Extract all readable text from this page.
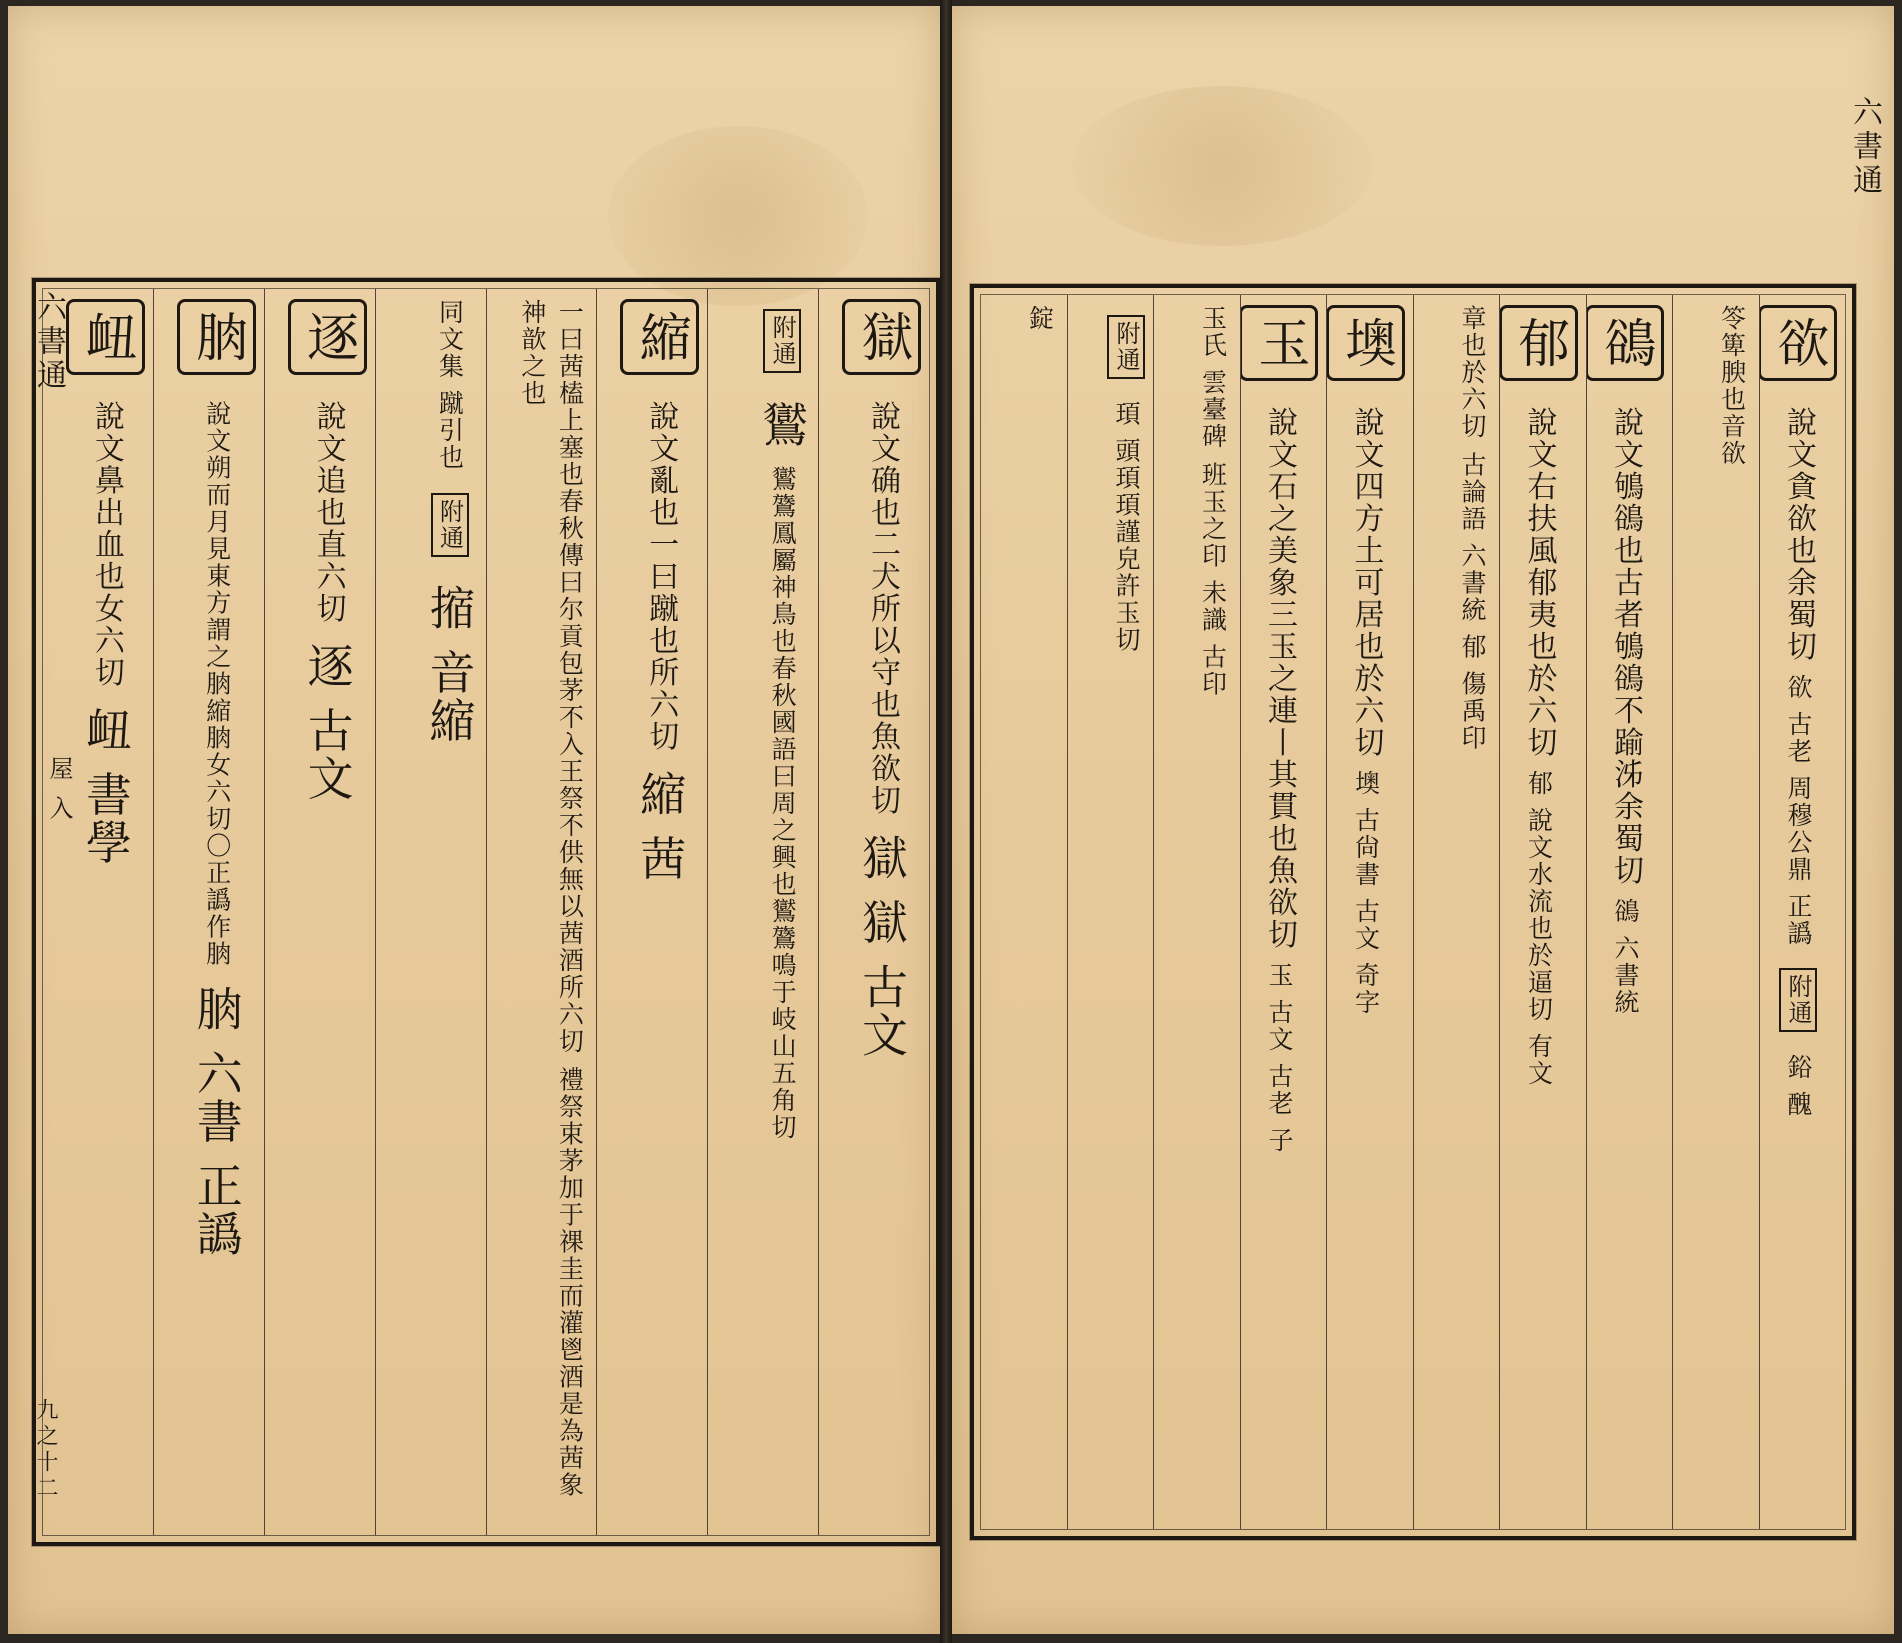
六書通
屋 入
九之十二
獄 說文确也二犬所以守也魚欲切 獄 獄 古文
附通 鸑 鸑鷟鳳屬神鳥也春秋國語曰周之興也鸑鷟鳴于岐山五角切
縮 說文亂也一曰蹴也所六切 縮 茜
一曰茜榼上塞也春秋傳曰尔貢包茅不入王祭不供無以茜酒所六切 禮祭束茅加于祼圭而灌鬯酒是為茜象神歆之也
同文集 蹴引也 附通 摍 音縮
逐 說文追也直六切 逐 古文
朒 說文朔而月見東方謂之朒縮朒女六切〇正譌作朒 朒 六書 正譌
衄 說文鼻出血也女六切 衄 書學
六書通
欲 說文貪欲也余蜀切 欲 古老 周穆公鼎 正譌 附通 鋊 醜
笭箄腴也音欲
鵒 說文鴝鵒也古者鴝鵒不踰泲余蜀切 鵒 六書統
郁 說文右扶風郁夷也於六切 郁 說文水流也於逼切 有文
章也於六切 古論語 六書統 郁 傷禹印
墺 說文四方土可居也於六切 墺 古尙書 古文 奇字
玉 說文石之美象三玉之連丨其貫也魚欲切 玉 古文 古老 子
玉氏 雲臺碑 班玉之印 未識 古印
附通 頊 頭頊頊謹皃許玉切
錠
